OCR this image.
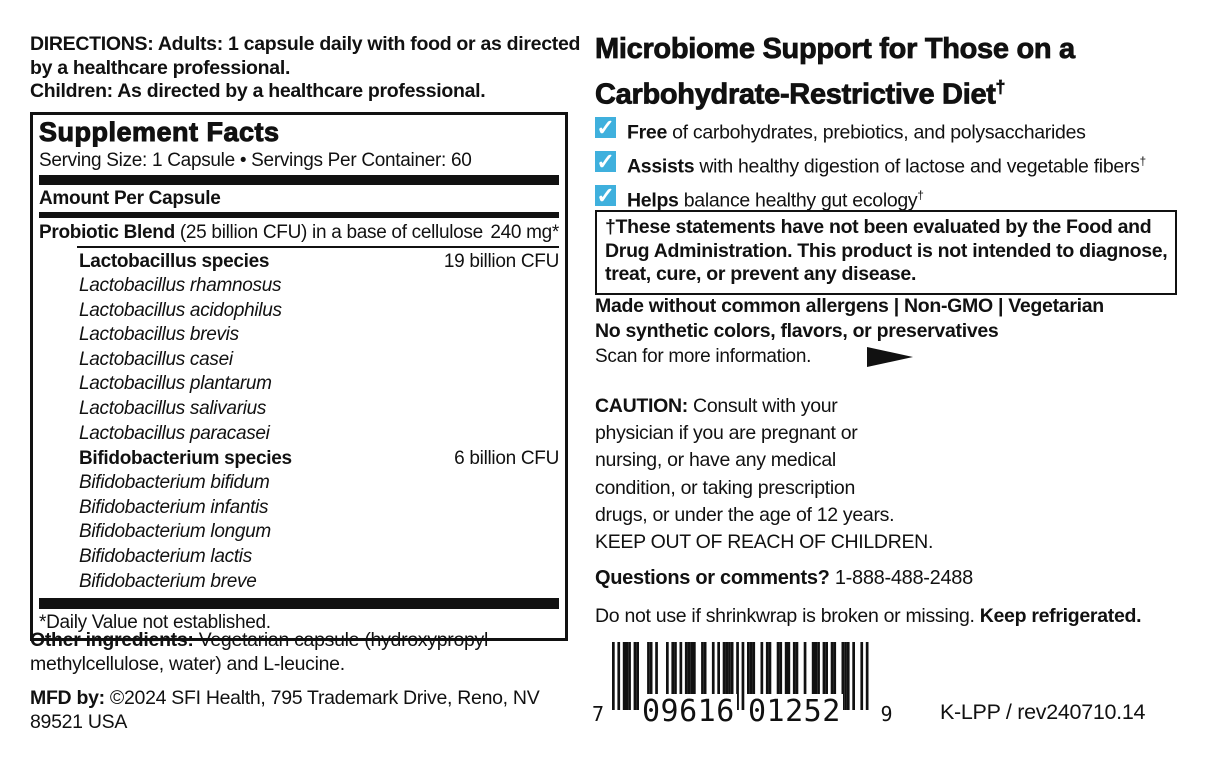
DIRECTIONS: Adults: 1 capsule daily with food or as directed
by a healthcare professional.
Children: As directed by a healthcare professional.
Supplement Facts
Serving Size: 1 Capsule • Servings Per Container: 60
Amount Per Capsule
Probiotic Blend (25 billion CFU) in a base of cellulose 240 mg*
Lactobacillus species	19 billion CFU
Lactobacillus rhamnosus
Lactobacillus acidophilus
Lactobacillus brevis
Lactobacillus casei
Lactobacillus plantarum
Lactobacillus salivarius
Lactobacillus paracasei
Bifidobacterium species	6 billion CFU
Bifidobacterium bifidum
Bifidobacterium infantis
Bifidobacterium longum
Bifidobacterium lactis
Bifidobacterium breve
*Daily Value not established.
Other ingredients: Vegetarian capsule (hydroxypropyl
methylcellulose, water) and L-leucine.
MFD by: ©2024 SFI Health, 795 Trademark Drive, Reno, NV
89521 USA
Microbiome Support for Those on a
Carbohydrate-Restrictive Diet†
✓ Free of carbohydrates, prebiotics, and polysaccharides
✓ Assists with healthy digestion of lactose and vegetable fibers†
✓ Helps balance healthy gut ecology†
†These statements have not been evaluated by the Food and
Drug Administration. This product is not intended to diagnose,
treat, cure, or prevent any disease.
Made without common allergens | Non-GMO | Vegetarian
No synthetic colors, flavors, or preservatives
Scan for more information.
CAUTION: Consult with your
physician if you are pregnant or
nursing, or have any medical
condition, or taking prescription
drugs, or under the age of 12 years.
KEEP OUT OF REACH OF CHILDREN.
Questions or comments? 1-888-488-2488
Do not use if shrinkwrap is broken or missing. Keep refrigerated.
7 09616 01252 9 K-LPP / rev240710.14
